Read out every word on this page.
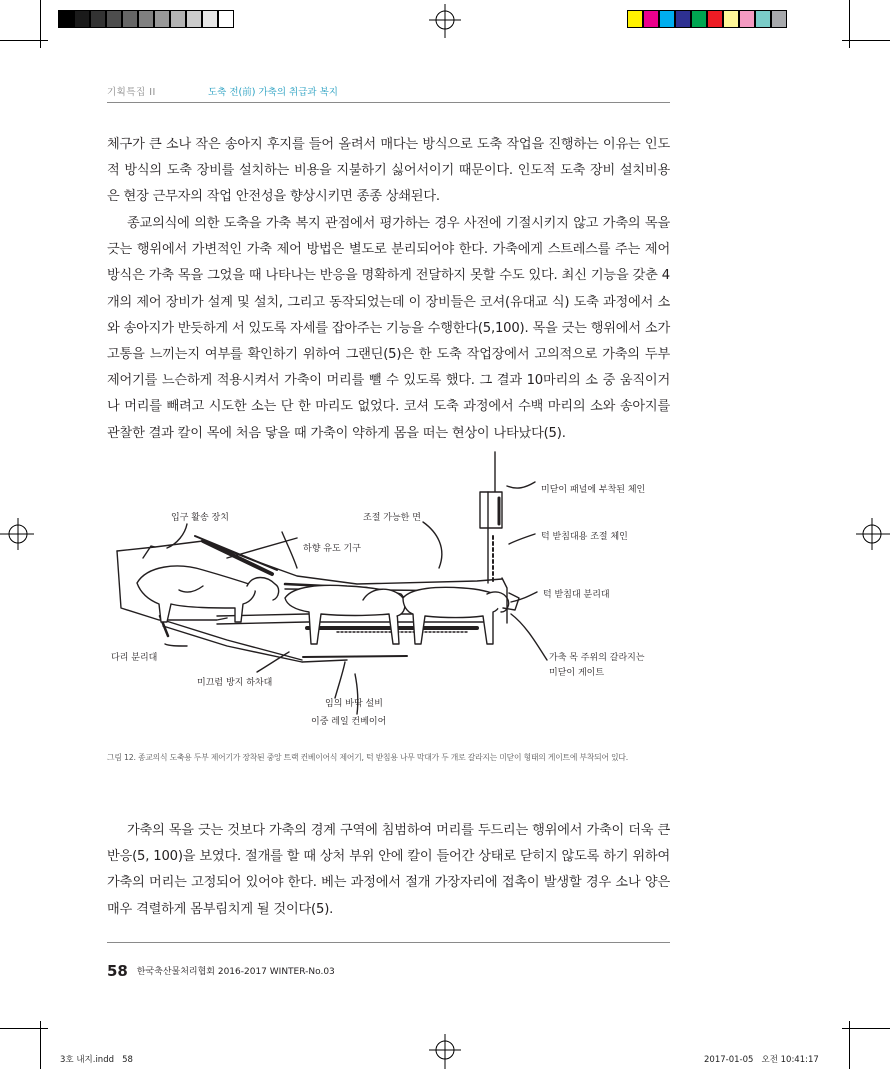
기획특집 II	도축 전(前) 가축의 취급과 복지

체구가 큰 소나 작은 송아지 후지를 들어 올려서 매다는 방식으로 도축 작업을 진행하는 이유는 인도적 방식의 도축 장비를 설치하는 비용을 지불하기 싫어서이기 때문이다. 인도적 도축 장비 설치비용은 현장 근무자의 작업 안전성을 향상시키면 종종 상쇄된다.

종교의식에 의한 도축을 가축 복지 관점에서 평가하는 경우 사전에 기절시키지 않고 가축의 목을 긋는 행위에서 가변적인 가축 제어 방법은 별도로 분리되어야 한다. 가축에게 스트레스를 주는 제어 방식은 가축 목을 그었을 때 나타나는 반응을 명확하게 전달하지 못할 수도 있다. 최신 기능을 갖춘 4개의 제어 장비가 설계 및 설치, 그리고 동작되었는데 이 장비들은 코셔(유대교 식) 도축 과정에서 소와 송아지가 반듯하게 서 있도록 자세를 잡아주는 기능을 수행한다(5,100). 목을 긋는 행위에서 소가 고통을 느끼는지 여부를 확인하기 위하여 그랜딘(5)은 한 도축 작업장에서 고의적으로 가축의 두부 제어기를 느슨하게 적용시켜서 가축이 머리를 뺄 수 있도록 했다. 그 결과 10마리의 소 중 움직이거나 머리를 빼려고 시도한 소는 단 한 마리도 없었다. 코셔 도축 과정에서 수백 마리의 소와 송아지를 관찰한 결과 칼이 목에 처음 닿을 때 가축이 약하게 몸을 떠는 현상이 나타났다(5).

가축의 목을 긋는 것보다 가축의 경계 구역에 침범하여 머리를 두드리는 행위에서 가축이 더욱 큰 반응(5, 100)을 보였다. 절개를 할 때 상처 부위 안에 칼이 들어간 상태로 닫히지 않도록 하기 위하여 가축의 머리는 고정되어 있어야 한다. 베는 과정에서 절개 가장자리에 접촉이 발생할 경우 소나 양은 매우 격렬하게 몸부림치게 될 것이다(5).

입구 활송 장치	조절 가능한 면
하향 유도 기구
미닫이 패널에 부착된 체인
턱 받침대용 조절 체인
턱 받침대 분리대
다리 분리대
미끄럼 방지 하차대
임의 바닥 설비
이중 레일 컨베이어
가축 목 주위의 갈라지는
미닫이 게이트
그림 12. 종교의식 도축용 두부 제어기가 장착된 중앙 트랙 컨베이어식 제어기, 턱 받침용 나무 막대가 두 개로 갈라지는 미닫이 형태의 게이트에 부착되어 있다.
58 한국축산물처리협회 2016-2017 WINTER-No.03
3호 내지.indd   58	2017-01-05   오전 10:41:17
